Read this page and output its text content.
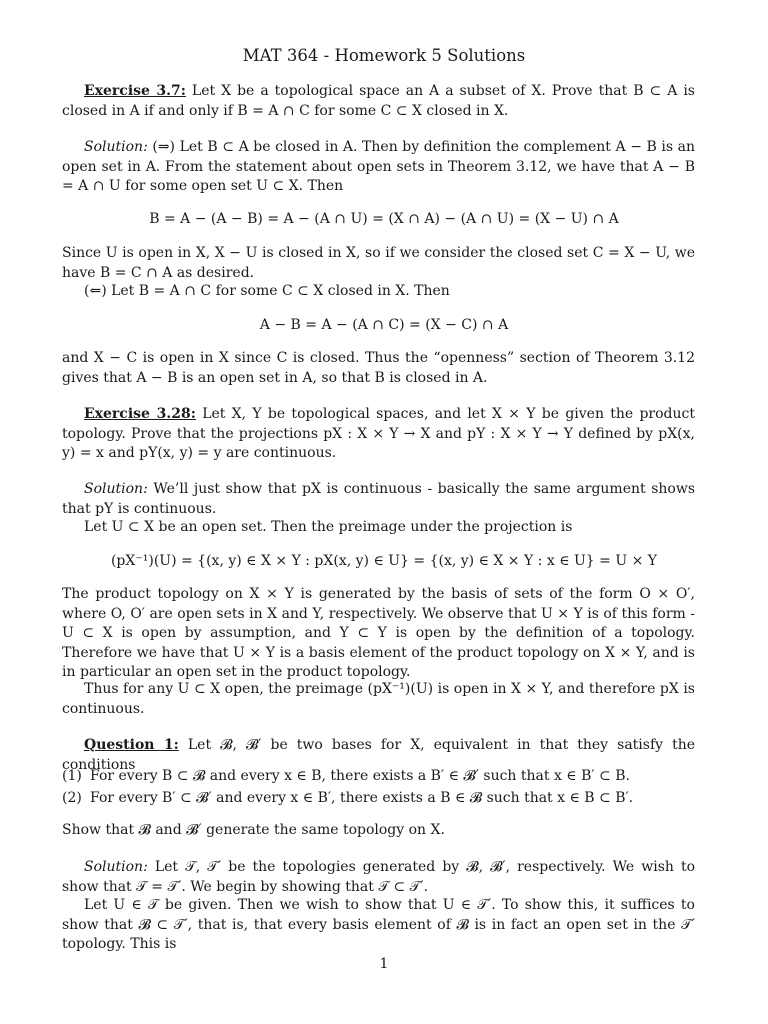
MAT 364 - Homework 5 Solutions

Exercise 3.7: Let X be a topological space an A a subset of X. Prove that B ⊂ A is closed in A if and only if B = A ∩ C for some C ⊂ X closed in X.

Solution: (⇒) Let B ⊂ A be closed in A. Then by definition the complement A − B is an open set in A. From the statement about open sets in Theorem 3.12, we have that A − B = A ∩ U for some open set U ⊂ X. Then

B = A − (A − B) = A − (A ∩ U) = (X ∩ A) − (A ∩ U) = (X − U) ∩ A

Since U is open in X, X − U is closed in X, so if we consider the closed set C = X − U, we have B = C ∩ A as desired.

(⇐) Let B = A ∩ C for some C ⊂ X closed in X. Then

A − B = A − (A ∩ C) = (X − C) ∩ A

and X − C is open in X since C is closed. Thus the “openness” section of Theorem 3.12 gives that A − B is an open set in A, so that B is closed in A.

Exercise 3.28: Let X, Y be topological spaces, and let X × Y be given the product topology. Prove that the projections pX : X × Y → X and pY : X × Y → Y defined by pX(x, y) = x and pY(x, y) = y are continuous.

Solution: We’ll just show that pX is continuous - basically the same argument shows that pY is continuous.

Let U ⊂ X be an open set. Then the preimage under the projection is

(pX⁻¹)(U) = {(x, y) ∈ X × Y : pX(x, y) ∈ U} = {(x, y) ∈ X × Y : x ∈ U} = U × Y

The product topology on X × Y is generated by the basis of sets of the form O × O′, where O, O′ are open sets in X and Y, respectively. We observe that U × Y is of this form - U ⊂ X is open by assumption, and Y ⊂ Y is open by the definition of a topology. Therefore we have that U × Y is a basis element of the product topology on X × Y, and is in particular an open set in the product topology.

Thus for any U ⊂ X open, the preimage (pX⁻¹)(U) is open in X × Y, and therefore pX is continuous.

Question 1: Let 𝓑, 𝓑′ be two bases for X, equivalent in that they satisfy the conditions

(1) For every B ⊂ 𝓑 and every x ∈ B, there exists a B′ ∈ 𝓑′ such that x ∈ B′ ⊂ B.
(2) For every B′ ⊂ 𝓑′ and every x ∈ B′, there exists a B ∈ 𝓑 such that x ∈ B ⊂ B′.

Show that 𝓑 and 𝓑′ generate the same topology on X.

Solution: Let 𝒯, 𝒯′ be the topologies generated by 𝓑, 𝓑′, respectively. We wish to show that 𝒯 = 𝒯′. We begin by showing that 𝒯 ⊂ 𝒯′.

Let U ∈ 𝒯 be given. Then we wish to show that U ∈ 𝒯′. To show this, it suffices to show that 𝓑 ⊂ 𝒯′, that is, that every basis element of 𝓑 is in fact an open set in the 𝒯′ topology. This is

1
